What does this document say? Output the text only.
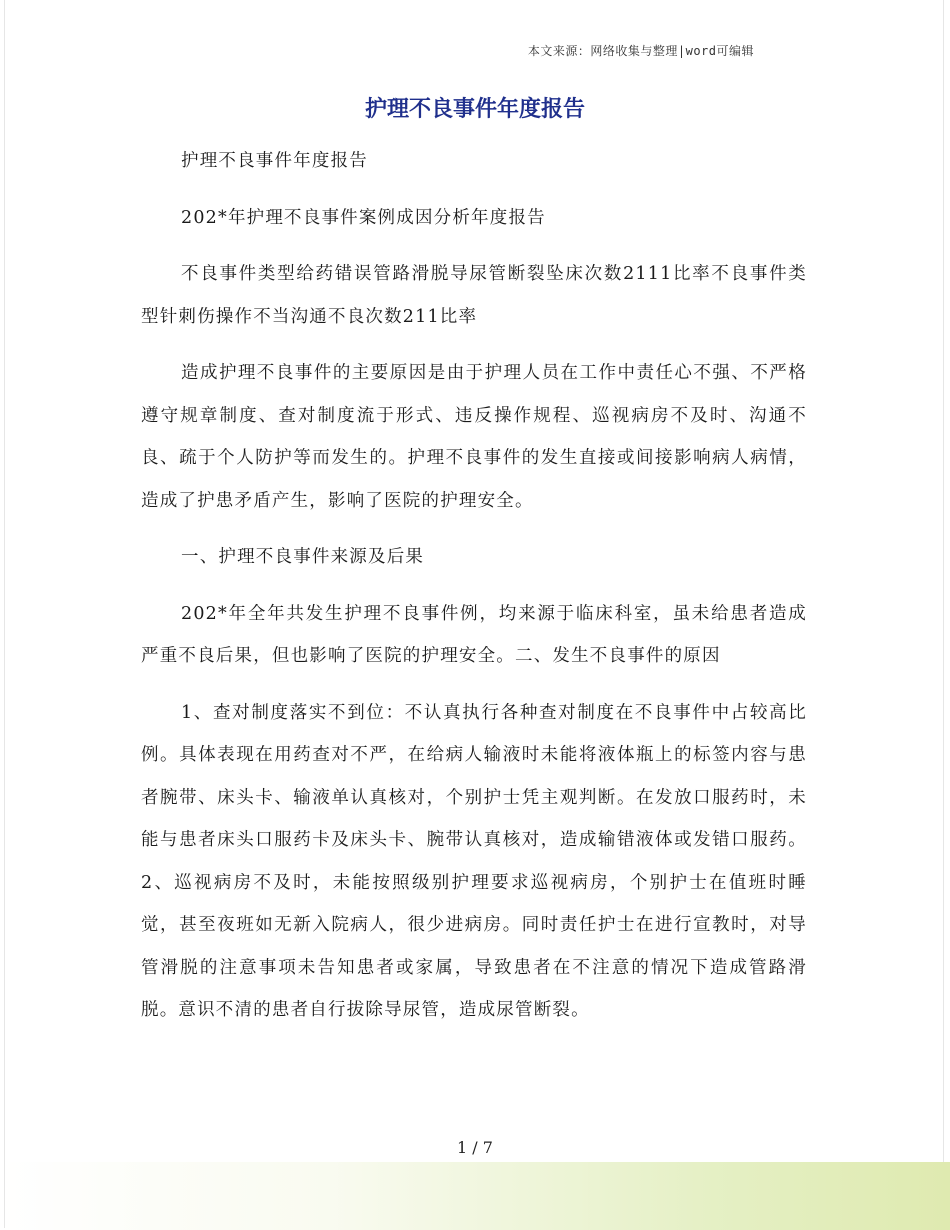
本文来源：网络收集与整理|word可编辑
护理不良事件年度报告

护理不良事件年度报告

202*年护理不良事件案例成因分析年度报告

不良事件类型给药错误管路滑脱导尿管断裂坠床次数2111比率不良事件类型针刺伤操作不当沟通不良次数211比率

造成护理不良事件的主要原因是由于护理人员在工作中责任心不强、不严格遵守规章制度、查对制度流于形式、违反操作规程、巡视病房不及时、沟通不良、疏于个人防护等而发生的。护理不良事件的发生直接或间接影响病人病情，造成了护患矛盾产生，影响了医院的护理安全。

一、护理不良事件来源及后果

202*年全年共发生护理不良事件例，均来源于临床科室，虽未给患者造成严重不良后果，但也影响了医院的护理安全。二、发生不良事件的原因

1、查对制度落实不到位：不认真执行各种查对制度在不良事件中占较高比例。具体表现在用药查对不严，在给病人输液时未能将液体瓶上的标签内容与患者腕带、床头卡、输液单认真核对，个别护士凭主观判断。在发放口服药时，未能与患者床头口服药卡及床头卡、腕带认真核对，造成输错液体或发错口服药。2、巡视病房不及时，未能按照级别护理要求巡视病房，个别护士在值班时睡觉，甚至夜班如无新入院病人，很少进病房。同时责任护士在进行宣教时，对导管滑脱的注意事项未告知患者或家属，导致患者在不注意的情况下造成管路滑脱。意识不清的患者自行拔除导尿管，造成尿管断裂。

1 / 7
